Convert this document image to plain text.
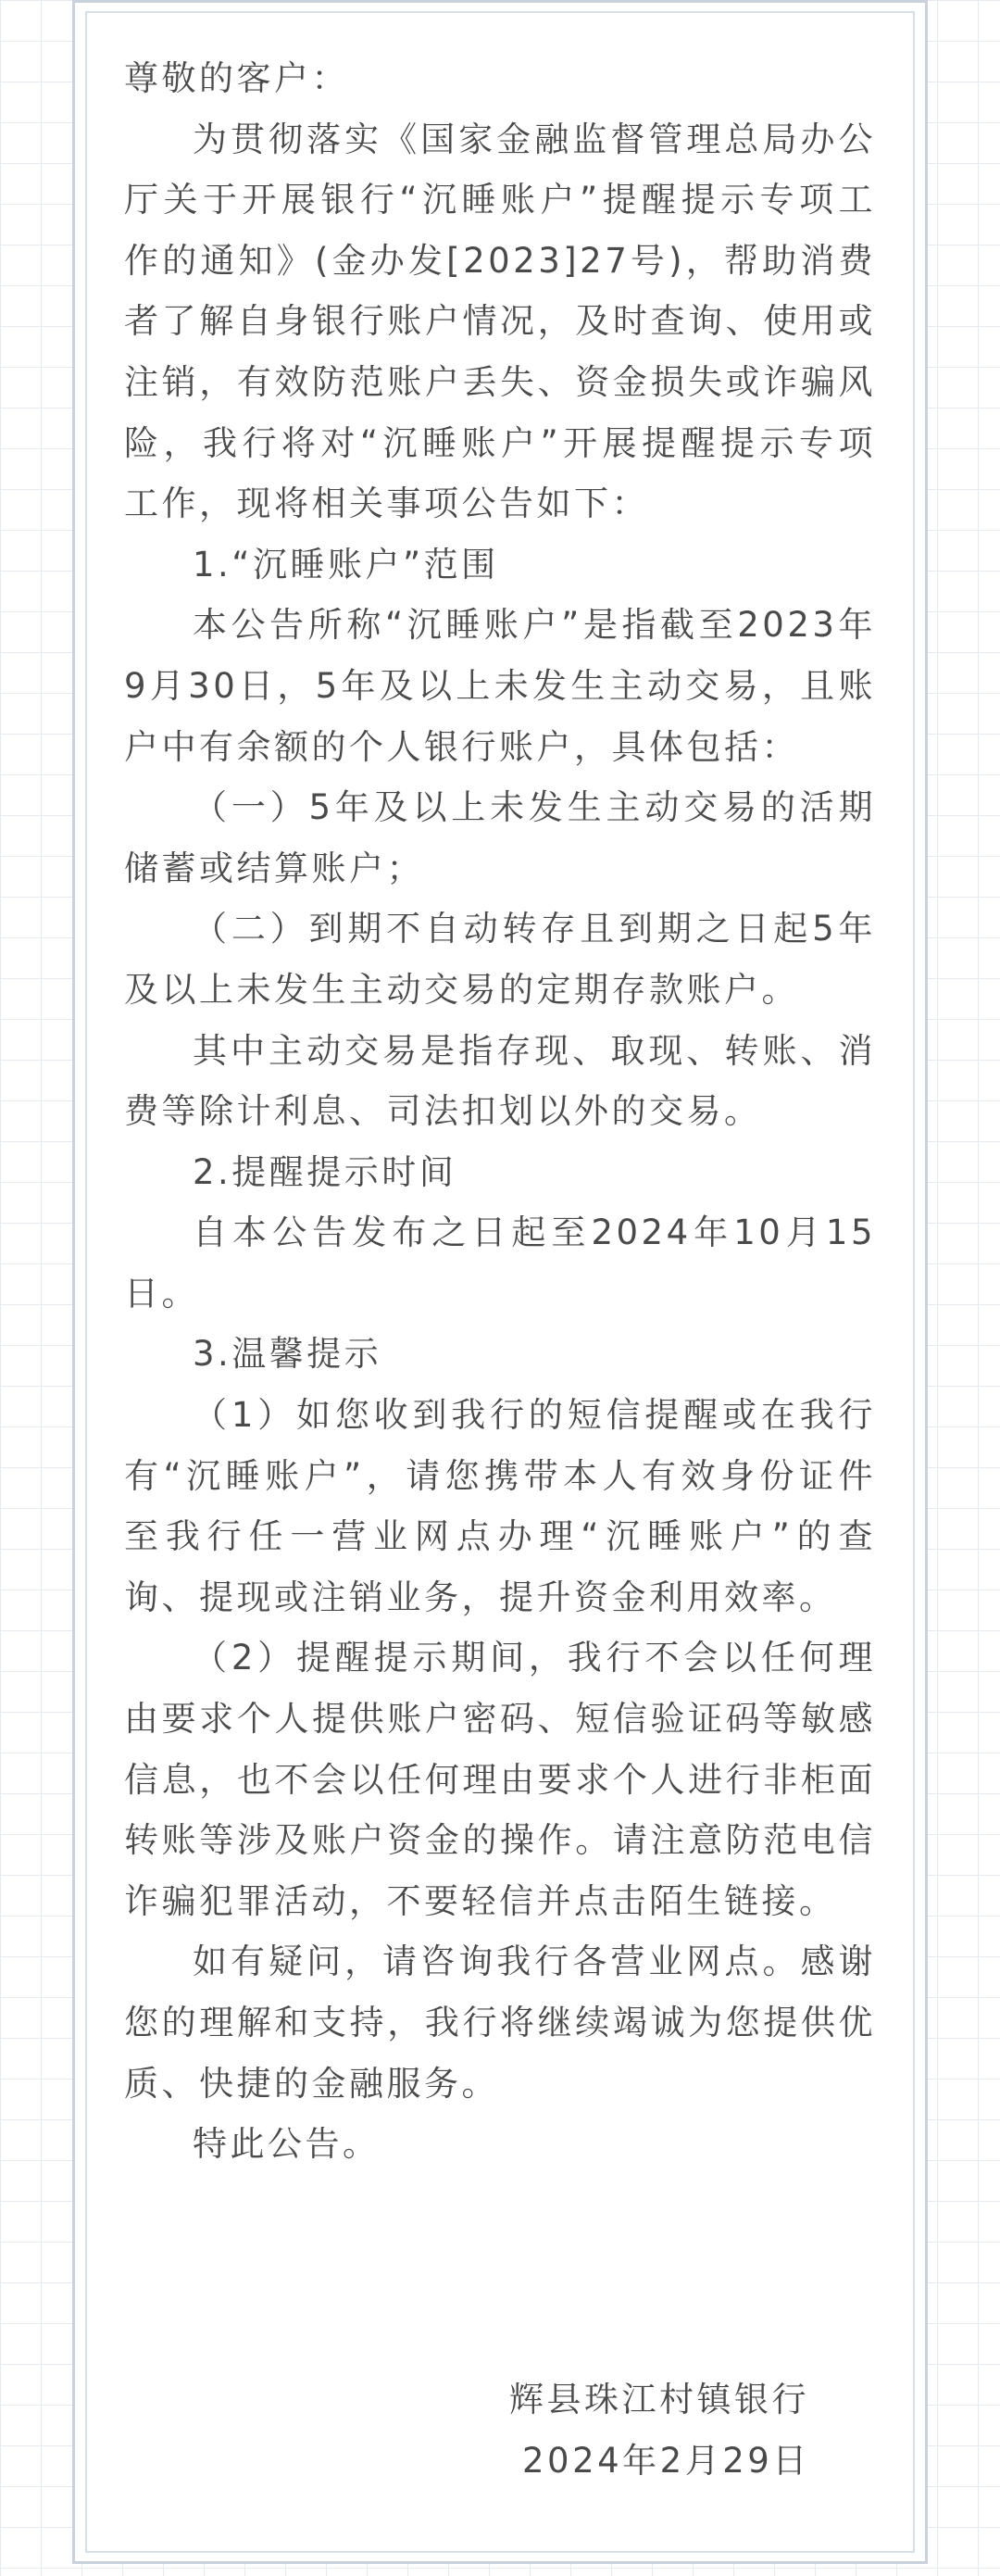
尊敬的客户：

为贯彻落实《国家金融监督管理总局办公厅关于开展银行“沉睡账户”提醒提示专项工作的通知》(金办发[2023]27号)，帮助消费者了解自身银行账户情况，及时查询、使用或注销，有效防范账户丢失、资金损失或诈骗风险，我行将对“沉睡账户”开展提醒提示专项工作，现将相关事项公告如下：

1.“沉睡账户”范围

本公告所称“沉睡账户”是指截至2023年9月30日，5年及以上未发生主动交易，且账户中有余额的个人银行账户，具体包括：

（一）5年及以上未发生主动交易的活期储蓄或结算账户；

（二）到期不自动转存且到期之日起5年及以上未发生主动交易的定期存款账户。

其中主动交易是指存现、取现、转账、消费等除计利息、司法扣划以外的交易。

2.提醒提示时间

自本公告发布之日起至2024年10月15日。

3.温馨提示

（1）如您收到我行的短信提醒或在我行有“沉睡账户”，请您携带本人有效身份证件至我行任一营业网点办理“沉睡账户”的查询、提现或注销业务，提升资金利用效率。

（2）提醒提示期间，我行不会以任何理由要求个人提供账户密码、短信验证码等敏感信息，也不会以任何理由要求个人进行非柜面转账等涉及账户资金的操作。请注意防范电信诈骗犯罪活动，不要轻信并点击陌生链接。

如有疑问，请咨询我行各营业网点。感谢您的理解和支持，我行将继续竭诚为您提供优质、快捷的金融服务。

特此公告。

辉县珠江村镇银行
2024年2月29日
